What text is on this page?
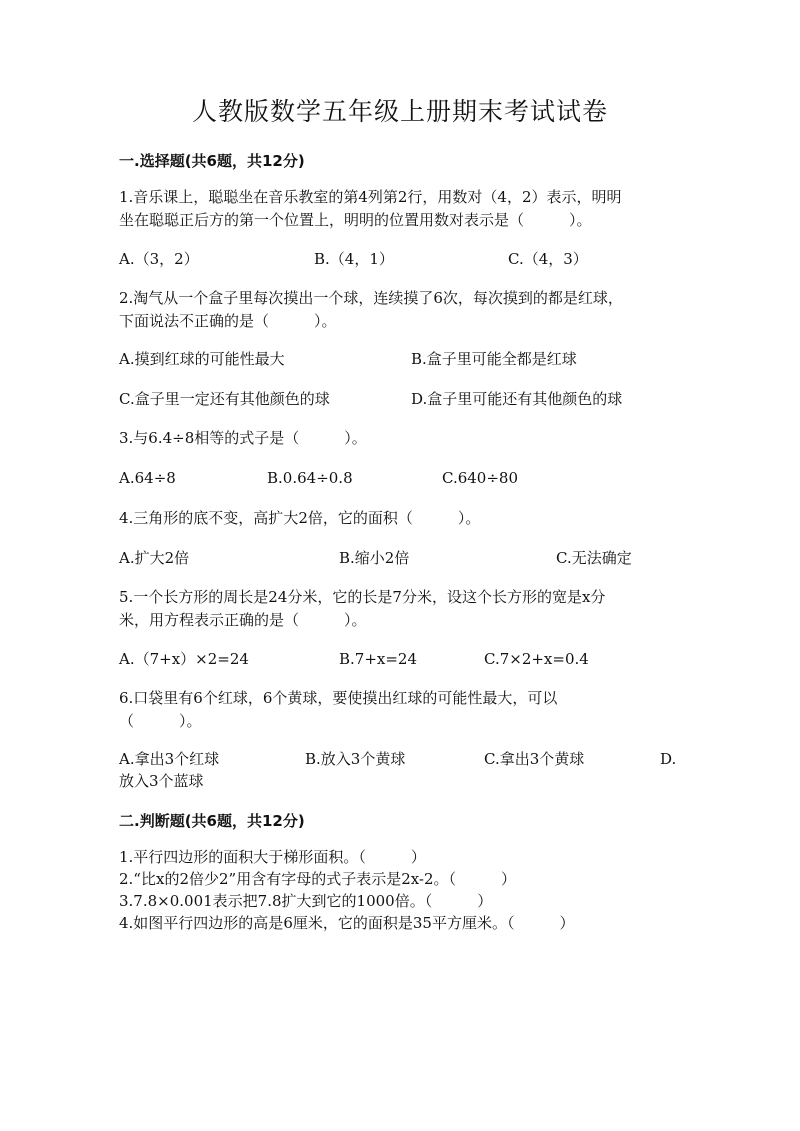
人教版数学五年级上册期末考试试卷
一.选择题(共6题，共12分)
1.音乐课上，聪聪坐在音乐教室的第4列第2行，用数对（4，2）表示，明明
坐在聪聪正后方的第一个位置上，明明的位置用数对表示是（　　　）。
A.（3，2）	B.（4，1）	C.（4，3）
2.淘气从一个盒子里每次摸出一个球，连续摸了6次，每次摸到的都是红球，
下面说法不正确的是（　　　）。
A.摸到红球的可能性最大	B.盒子里可能全都是红球
C.盒子里一定还有其他颜色的球	D.盒子里可能还有其他颜色的球
3.与6.4÷8相等的式子是（　　　）。
A.64÷8	B.0.64÷0.8	C.640÷80
4.三角形的底不变，高扩大2倍，它的面积（　　　）。
A.扩大2倍	B.缩小2倍	C.无法确定
5.一个长方形的周长是24分米，它的长是7分米，设这个长方形的宽是x分
米，用方程表示正确的是（　　　）。
A.（7+x）×2=24	B.7+x=24	C.7×2+x=0.4
6.口袋里有6个红球，6个黄球，要使摸出红球的可能性最大，可以
（　　　）。
A.拿出3个红球	B.放入3个黄球	C.拿出3个黄球	D.
放入3个蓝球
二.判断题(共6题，共12分)
1.平行四边形的面积大于梯形面积。（　　　）
2.“比x的2倍少2”用含有字母的式子表示是2x-2。（　　　）
3.7.8×0.001表示把7.8扩大到它的1000倍。（　　　）
4.如图平行四边形的高是6厘米，它的面积是35平方厘米。（　　　）
